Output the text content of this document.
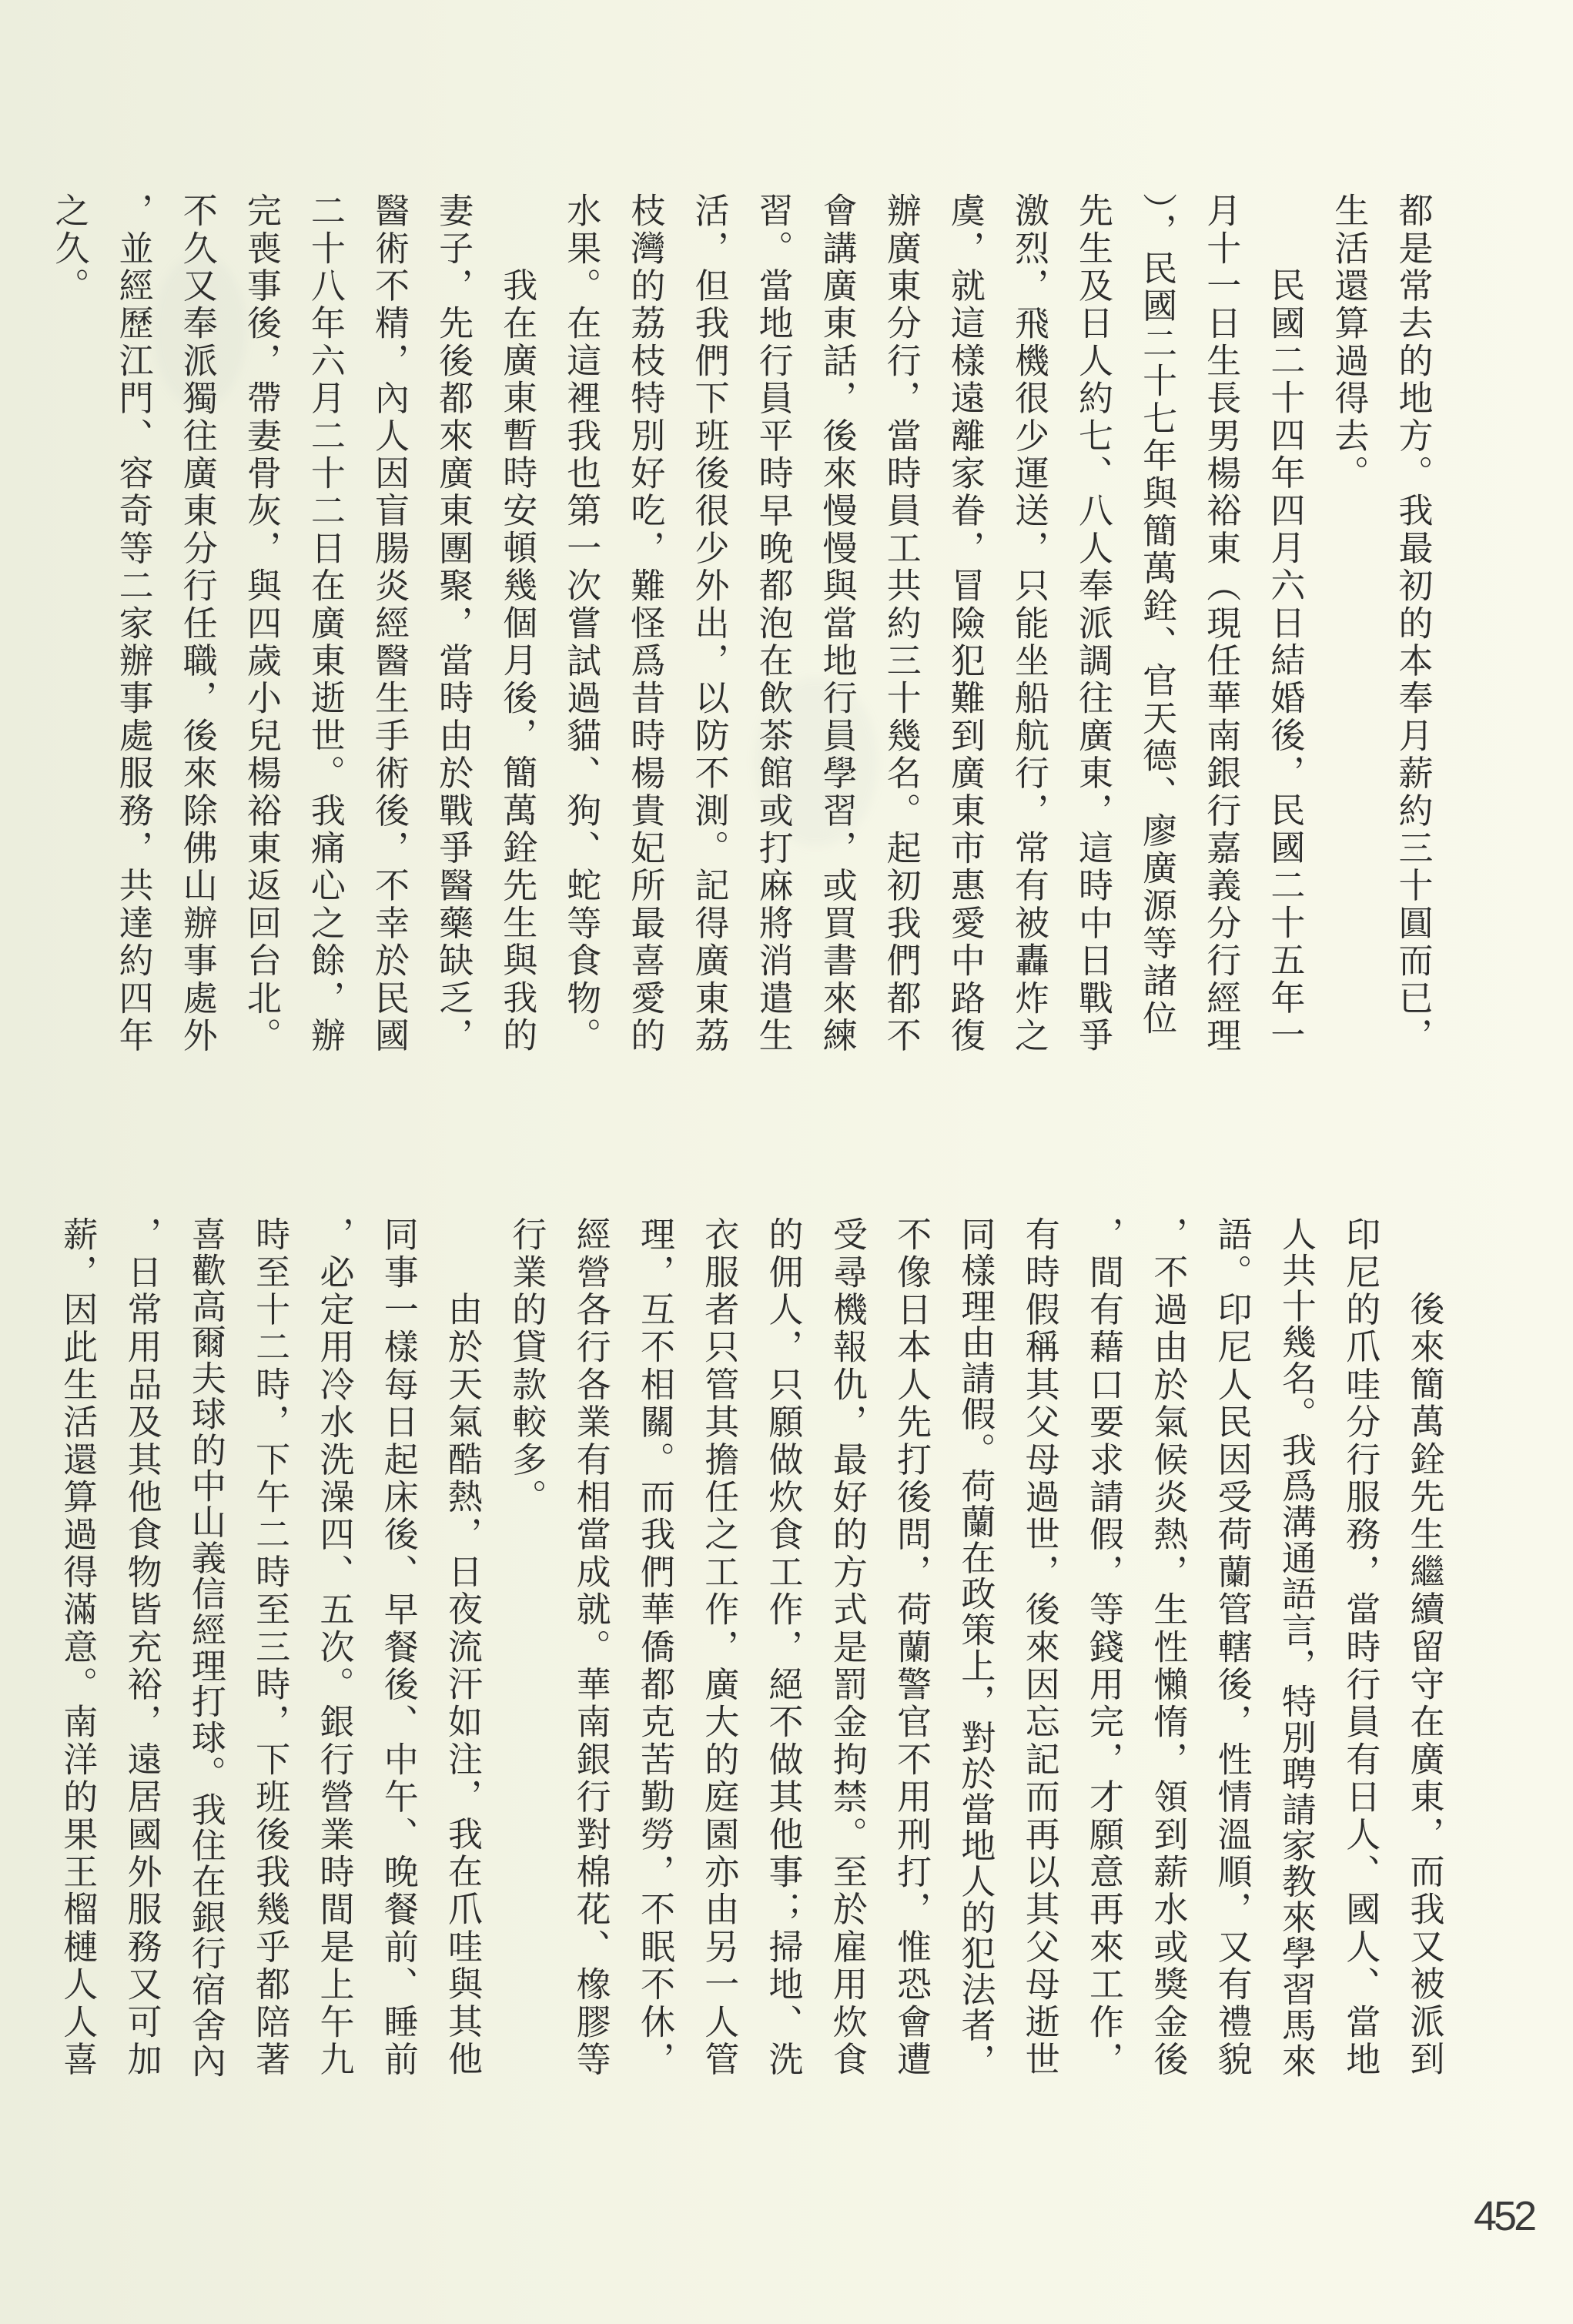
都是常去的地方。我最初的本奉月薪約三十圓而已，
生活還算過得去。
民國二十四年四月六日結婚後，民國二十五年一
月十一日生長男楊裕東（現任華南銀行嘉義分行經理
），民國二十七年與簡萬銓、官天德、廖廣源等諸位
先生及日人約七、八人奉派調往廣東，這時中日戰爭
激烈，飛機很少運送，只能坐船航行，常有被轟炸之
虞，就這樣遠離家眷，冒險犯難到廣東市惠愛中路復
辦廣東分行，當時員工共約三十幾名。起初我們都不
會講廣東話，後來慢慢與當地行員學習，或買書來練
習。當地行員平時早晚都泡在飲茶館或打麻將消遣生
活，但我們下班後很少外出，以防不測。記得廣東荔
枝灣的荔枝特別好吃，難怪爲昔時楊貴妃所最喜愛的
水果。在這裡我也第一次嘗試過貓、狗、蛇等食物。
我在廣東暫時安頓幾個月後，簡萬銓先生與我的
妻子，先後都來廣東團聚，當時由於戰爭醫藥缺乏，
醫術不精，內人因盲腸炎經醫生手術後，不幸於民國
二十八年六月二十二日在廣東逝世。我痛心之餘，辦
完喪事後，帶妻骨灰，與四歲小兒楊裕東返回台北。
不久又奉派獨往廣東分行任職，後來除佛山辦事處外
，並經歷江門、容奇等二家辦事處服務，共達約四年
之久。
後來簡萬銓先生繼續留守在廣東，而我又被派到
印尼的爪哇分行服務，當時行員有日人、國人、當地
人共十幾名。我爲溝通語言，特別聘請家教來學習馬來
語。印尼人民因受荷蘭管轄後，性情溫順，又有禮貌
，不過由於氣候炎熱，生性懶惰，領到薪水或獎金後
，間有藉口要求請假，等錢用完，才願意再來工作，
有時假稱其父母過世，後來因忘記而再以其父母逝世
同樣理由請假。荷蘭在政策上，對於當地人的犯法者，
不像日本人先打後問，荷蘭警官不用刑打，惟恐會遭
受尋機報仇，最好的方式是罰金拘禁。至於雇用炊食
的佣人，只願做炊食工作，絕不做其他事；掃地、洗
衣服者只管其擔任之工作，廣大的庭園亦由另一人管
理，互不相關。而我們華僑都克苦勤勞，不眠不休，
經營各行各業有相當成就。華南銀行對棉花、橡膠等
行業的貸款較多。
由於天氣酷熱，日夜流汗如注，我在爪哇與其他
同事一樣每日起床後、早餐後、中午、晚餐前、睡前
，必定用冷水洗澡四、五次。銀行營業時間是上午九
時至十二時，下午二時至三時，下班後我幾乎都陪著
喜歡高爾夫球的中山義信經理打球。我住在銀行宿舍內
，日常用品及其他食物皆充裕，遠居國外服務又可加
薪，因此生活還算過得滿意。南洋的果王榴槤人人喜
452
